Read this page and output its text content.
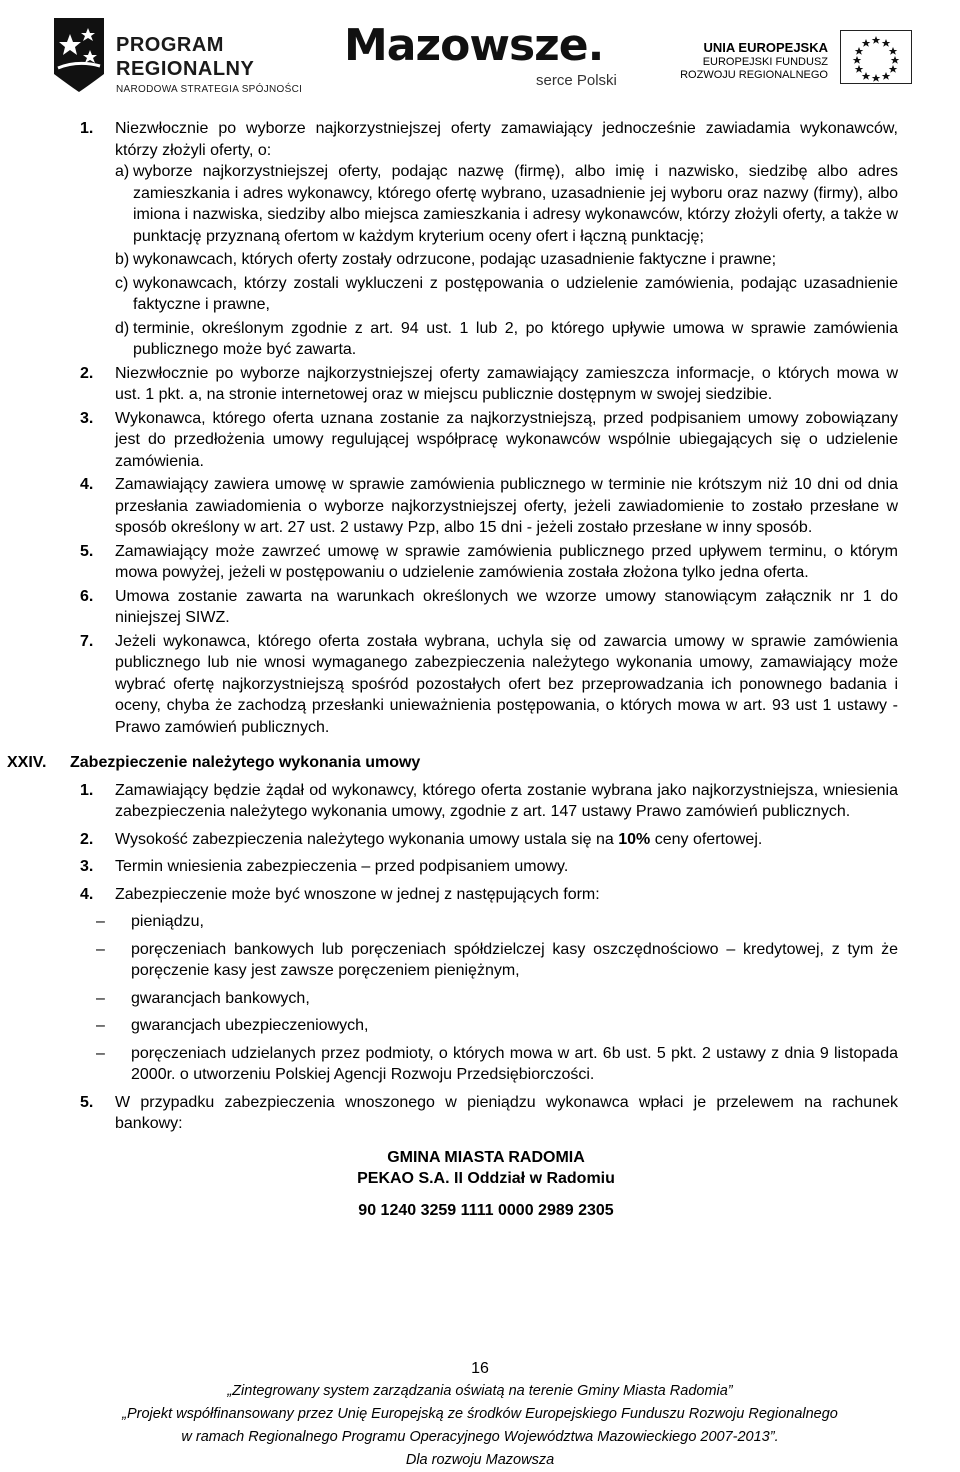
PROGRAM
REGIONALNY
NARODOWA STRATEGIA SPÓJNOŚCI
Mazowsze.
serce Polski
UNIA EUROPEJSKA
EUROPEJSKI FUNDUSZ
ROZWOJU REGIONALNEGO
1. Niezwłocznie po wyborze najkorzystniejszej oferty zamawiający jednocześnie zawiadamia wykonawców, którzy złożyli oferty, o:
a) wyborze najkorzystniejszej oferty, podając nazwę (firmę), albo imię i nazwisko, siedzibę albo adres zamieszkania i adres wykonawcy, którego ofertę wybrano, uzasadnienie jej wyboru oraz nazwy (firmy), albo imiona i nazwiska, siedziby albo miejsca zamieszkania i adresy wykonawców, którzy złożyli oferty, a także w punktację przyznaną ofertom w każdym kryterium oceny ofert i łączną punktację;
b) wykonawcach, których oferty zostały odrzucone, podając uzasadnienie faktyczne i prawne;
c) wykonawcach, którzy zostali wykluczeni z postępowania o udzielenie zamówienia, podając uzasadnienie faktyczne i prawne,
d) terminie, określonym zgodnie z art. 94 ust. 1 lub 2, po którego upływie umowa w sprawie zamówienia publicznego może być zawarta.
2. Niezwłocznie po wyborze najkorzystniejszej oferty zamawiający zamieszcza informacje, o których mowa w ust. 1 pkt. a, na stronie internetowej oraz w miejscu publicznie dostępnym w swojej siedzibie.
3. Wykonawca, którego oferta uznana zostanie za najkorzystniejszą, przed podpisaniem umowy zobowiązany jest do przedłożenia umowy regulującej współpracę wykonawców wspólnie ubiegających się o udzielenie zamówienia.
4. Zamawiający zawiera umowę w sprawie zamówienia publicznego w terminie nie krótszym niż 10 dni od dnia przesłania zawiadomienia o wyborze najkorzystniejszej oferty, jeżeli zawiadomienie to zostało przesłane w sposób określony w art. 27 ust. 2 ustawy Pzp, albo 15 dni - jeżeli zostało przesłane w inny sposób.
5. Zamawiający może zawrzeć umowę w sprawie zamówienia publicznego przed upływem terminu, o którym mowa powyżej, jeżeli w postępowaniu o udzielenie zamówienia została złożona tylko jedna oferta.
6. Umowa zostanie zawarta na warunkach określonych we wzorze umowy stanowiącym załącznik nr 1 do niniejszej SIWZ.
7. Jeżeli wykonawca, którego oferta została wybrana, uchyla się od zawarcia umowy w sprawie zamówienia publicznego lub nie wnosi wymaganego zabezpieczenia należytego wykonania umowy, zamawiający może wybrać ofertę najkorzystniejszą spośród pozostałych ofert bez przeprowadzania ich ponownego badania i oceny, chyba że zachodzą przesłanki unieważnienia postępowania, o których mowa w art. 93 ust 1 ustawy - Prawo zamówień publicznych.
XXIV. Zabezpieczenie należytego wykonania umowy
1. Zamawiający będzie żądał od wykonawcy, którego oferta zostanie wybrana jako najkorzystniejsza, wniesienia zabezpieczenia należytego wykonania umowy, zgodnie z art. 147 ustawy Prawo zamówień publicznych.
2. Wysokość zabezpieczenia należytego wykonania umowy ustala się na 10% ceny ofertowej.
3. Termin wniesienia zabezpieczenia – przed podpisaniem umowy.
4. Zabezpieczenie może być wnoszone w jednej z następujących form:
– pieniądzu,
– poręczeniach bankowych lub poręczeniach spółdzielczej kasy oszczędnościowo – kredytowej, z tym że poręczenie kasy jest zawsze poręczeniem pieniężnym,
– gwarancjach bankowych,
– gwarancjach ubezpieczeniowych,
– poręczeniach udzielanych przez podmioty, o których mowa w art. 6b ust. 5 pkt. 2 ustawy z dnia 9 listopada 2000r. o utworzeniu Polskiej Agencji Rozwoju Przedsiębiorczości.
5. W przypadku zabezpieczenia wnoszonego w pieniądzu wykonawca wpłaci je przelewem na rachunek bankowy:
GMINA MIASTA RADOMIA
PEKAO S.A. II Oddział w Radomiu
90 1240 3259 1111 0000 2989 2305
16
„Zintegrowany system zarządzania oświatą na terenie Gminy Miasta Radomia”
„Projekt współfinansowany przez Unię Europejską ze środków Europejskiego Funduszu Rozwoju Regionalnego
w ramach Regionalnego Programu Operacyjnego Województwa Mazowieckiego 2007-2013”.
Dla rozwoju Mazowsza
